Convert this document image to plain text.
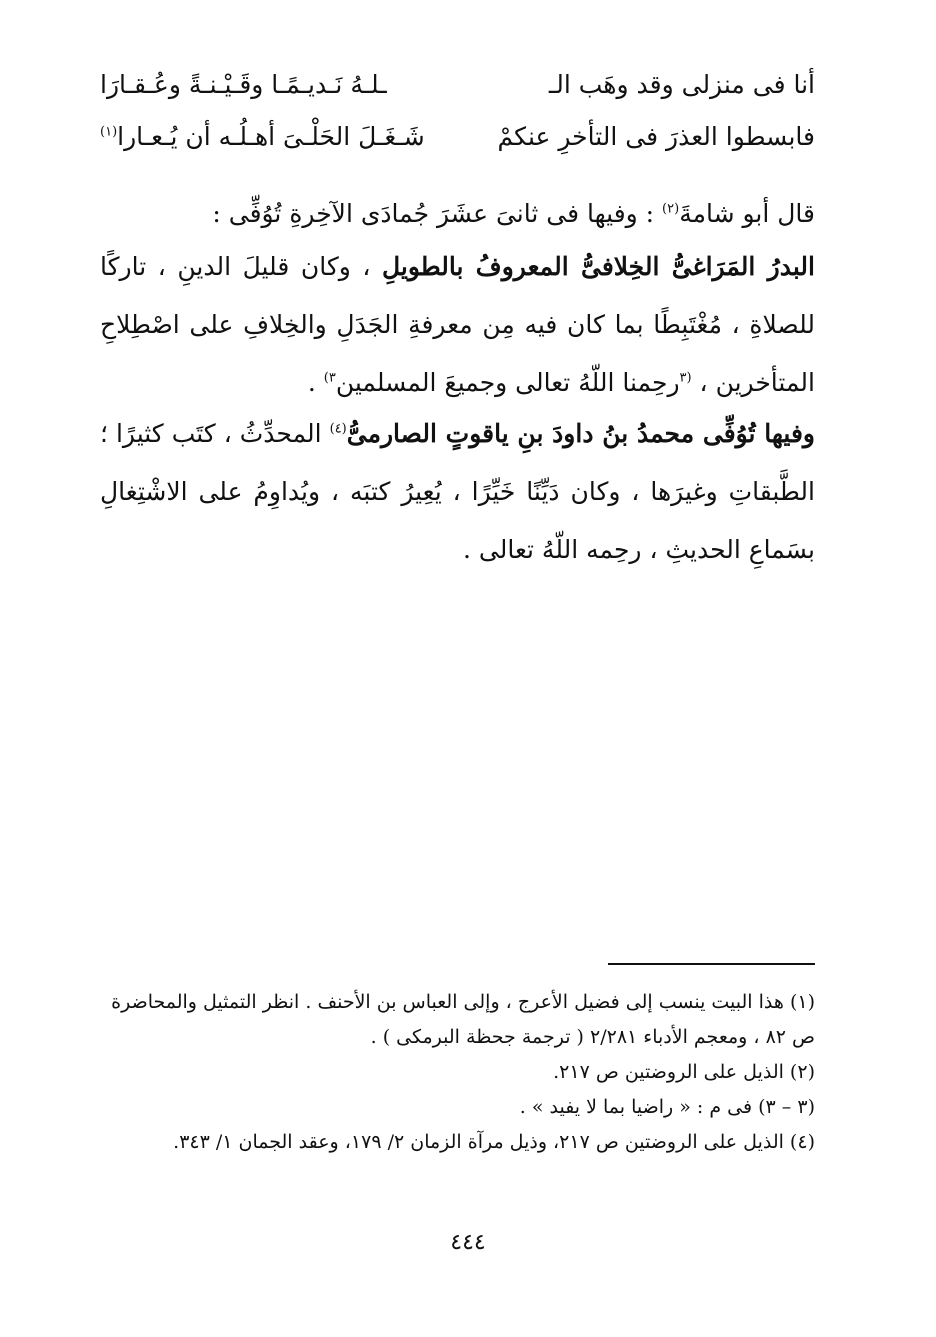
أنا فى منزلى وقد وهَب الـ
ـلـهُ نَـديـمًـا وقَـيْـنـةً وعُـقـارَا
فابسطوا العذرَ فى التأخرِ عنكمْ
شَـغَـلَ الحَلْـىَ أهـلُـه أن يُـعـارا$^{(١)}$
قال أبو شامةَ$^{(٢)}$ : وفيها فى ثانىَ عشَرَ جُمادَى الآخِرةِ تُوُفِّى :
البدرُ المَرَاغىُّ الخِلافىُّ المعروفُ بالطويلِ ، وكان قليلَ الدينِ ، تاركًا للصلاةِ ، مُغْتَبِطًا بما كان فيه مِن معرفةِ الجَدَلِ والخِلافِ على اصْطِلاحِ المتأخرين ، $^{(٣}$رحِمنا اللّهُ تعالى وجميعَ المسلمين$^{٣)}$ .
وفيها تُوُفِّى محمدُ بنُ داودَ بنِ ياقوتٍ الصارمىُّ$^{(٤)}$ المحدِّثُ ، كتَب كثيرًا ؛ الطَّبقاتِ وغيرَها ، وكان دَيِّنًا خَيِّرًا ، يُعِيرُ كتبَه ، ويُداوِمُ على الاشْتِغالِ بسَماعِ الحديثِ ، رحِمه اللّهُ تعالى .

(١) هذا البيت ينسب إلى فضيل الأعرج ، وإلى العباس بن الأحنف . انظر التمثيل والمحاضرة ص ٨٢ ، ومعجم الأدباء ٢/٢٨١ ( ترجمة جحظة البرمكى ) .

(٢) الذيل على الروضتين ص ٢١٧.

(٣ – ٣) فى م : « راضيا بما لا يفيد » .

(٤) الذيل على الروضتين ص ٢١٧، وذيل مرآة الزمان ٢/ ١٧٩، وعقد الجمان ١/ ٣٤٣.

٤٤٤
